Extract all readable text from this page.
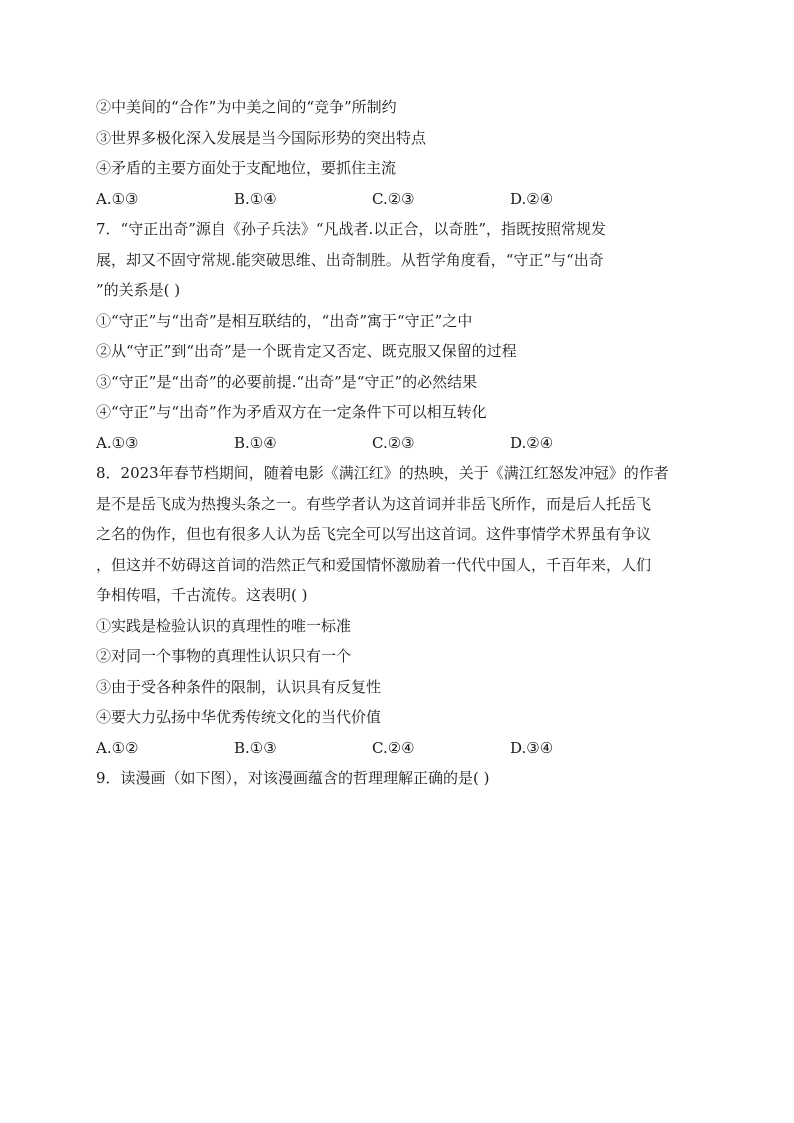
②中美间的“合作”为中美之间的“竞争”所制约
③世界多极化深入发展是当今国际形势的突出特点
④矛盾的主要方面处于支配地位，要抓住主流
A.①③	B.①④	C.②③	D.②④
7．“守正出奇”源自《孙子兵法》“凡战者.以正合，以奇胜”，指既按照常规发
展，却又不固守常规.能突破思维、出奇制胜。从哲学角度看，“守正”与“出奇
”的关系是( )
①“守正”与“出奇”是相互联结的，“出奇”寓于“守正”之中
②从“守正”到“出奇”是一个既肯定又否定、既克服又保留的过程
③“守正”是“出奇”的必要前提.“出奇”是“守正”的必然结果
④“守正”与“出奇”作为矛盾双方在一定条件下可以相互转化
A.①③	B.①④	C.②③	D.②④
8．2023年春节档期间，随着电影《满江红》的热映，关于《满江红怒发冲冠》的作者
是不是岳飞成为热搜头条之一。有些学者认为这首词并非岳飞所作，而是后人托岳飞
之名的伪作，但也有很多人认为岳飞完全可以写出这首词。这件事情学术界虽有争议
，但这并不妨碍这首词的浩然正气和爱国情怀激励着一代代中国人，千百年来，人们
争相传唱，千古流传。这表明( )
①实践是检验认识的真理性的唯一标准
②对同一个事物的真理性认识只有一个
③由于受各种条件的限制，认识具有反复性
④要大力弘扬中华优秀传统文化的当代价值
A.①②	B.①③	C.②④	D.③④
9．读漫画（如下图），对该漫画蕴含的哲理理解正确的是( )
